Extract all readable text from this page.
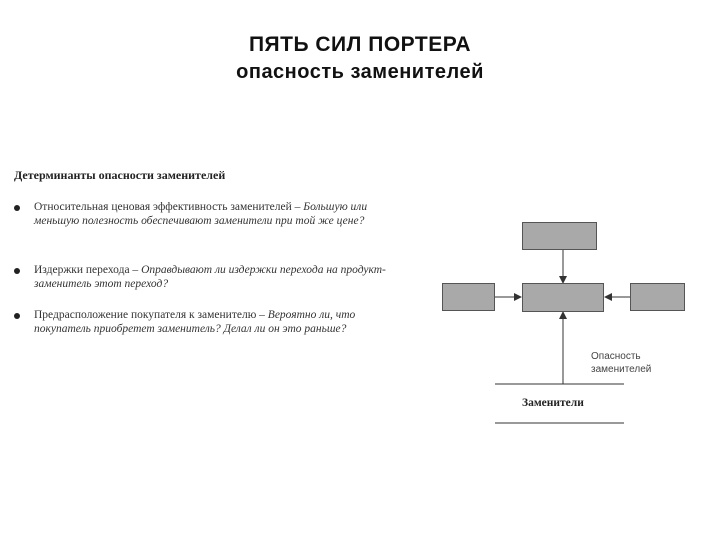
ПЯТЬ СИЛ ПОРТЕРА
опасность заменителей
Детерминанты опасности заменителей
Относительная ценовая эффективность заменителей – Большую или меньшую полезность обеспечивают заменители при той же цене?
Издержки перехода – Оправдывают ли издержки перехода на продукт-заменитель этот переход?
Предрасположение покупателя к заменителю – Вероятно ли, что покупатель приобретет заменитель? Делал ли он это раньше?
Опасность
заменителей
Заменители
